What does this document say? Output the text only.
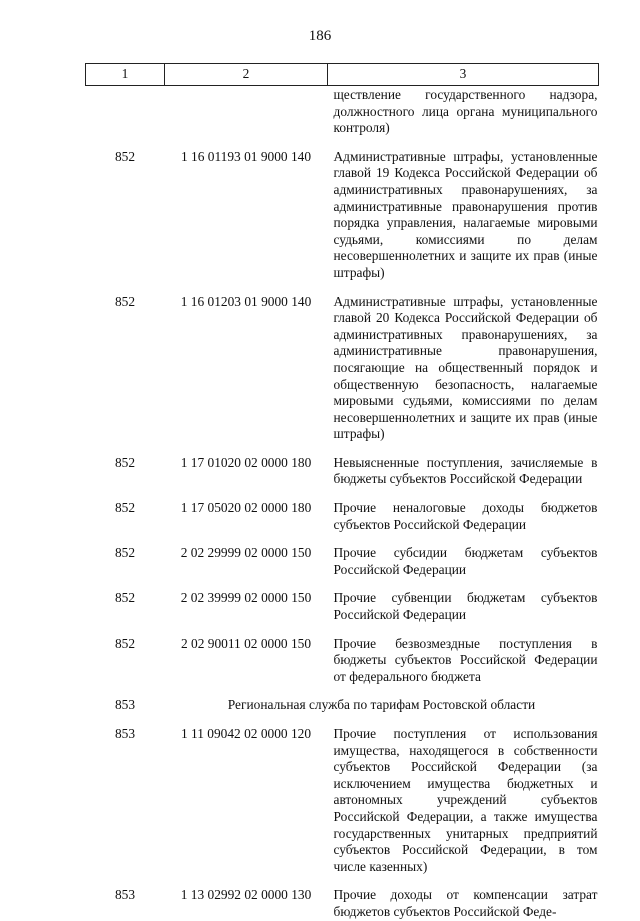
186
1	2	3
		ществление государственного надзора, должностного лица органа муниципального контроля)
852	1 16 01193 01 9000 140	Административные штрафы, установленные главой 19 Кодекса Российской Федерации об административных правонарушениях, за административные правонарушения против порядка управления, налагаемые мировыми судьями, комиссиями по делам несовершеннолетних и защите их прав (иные штрафы)
852	1 16 01203 01 9000 140	Административные штрафы, установленные главой 20 Кодекса Российской Федерации об административных правонарушениях, за административные правонарушения, посягающие на общественный порядок и общественную безопасность, налагаемые мировыми судьями, комиссиями по делам несовершеннолетних и защите их прав (иные штрафы)
852	1 17 01020 02 0000 180	Невыясненные поступления, зачисляемые в бюджеты субъектов Российской Федерации
852	1 17 05020 02 0000 180	Прочие неналоговые доходы бюджетов субъектов Российской Федерации
852	2 02 29999 02 0000 150	Прочие субсидии бюджетам субъектов Российской Федерации
852	2 02 39999 02 0000 150	Прочие субвенции бюджетам субъектов Российской Федерации
852	2 02 90011 02 0000 150	Прочие безвозмездные поступления в бюджеты субъектов Российской Федерации от федерального бюджета
853	Региональная служба по тарифам Ростовской области	
853	1 11 09042 02 0000 120	Прочие поступления от использования имущества, находящегося в собственности субъектов Российской Федерации (за исключением имущества бюджетных и автономных учреждений субъектов Российской Федерации, а также имущества государственных унитарных предприятий субъектов Российской Федерации, в том числе казенных)
853	1 13 02992 02 0000 130	Прочие доходы от компенсации затрат бюджетов субъектов Российской Феде-
